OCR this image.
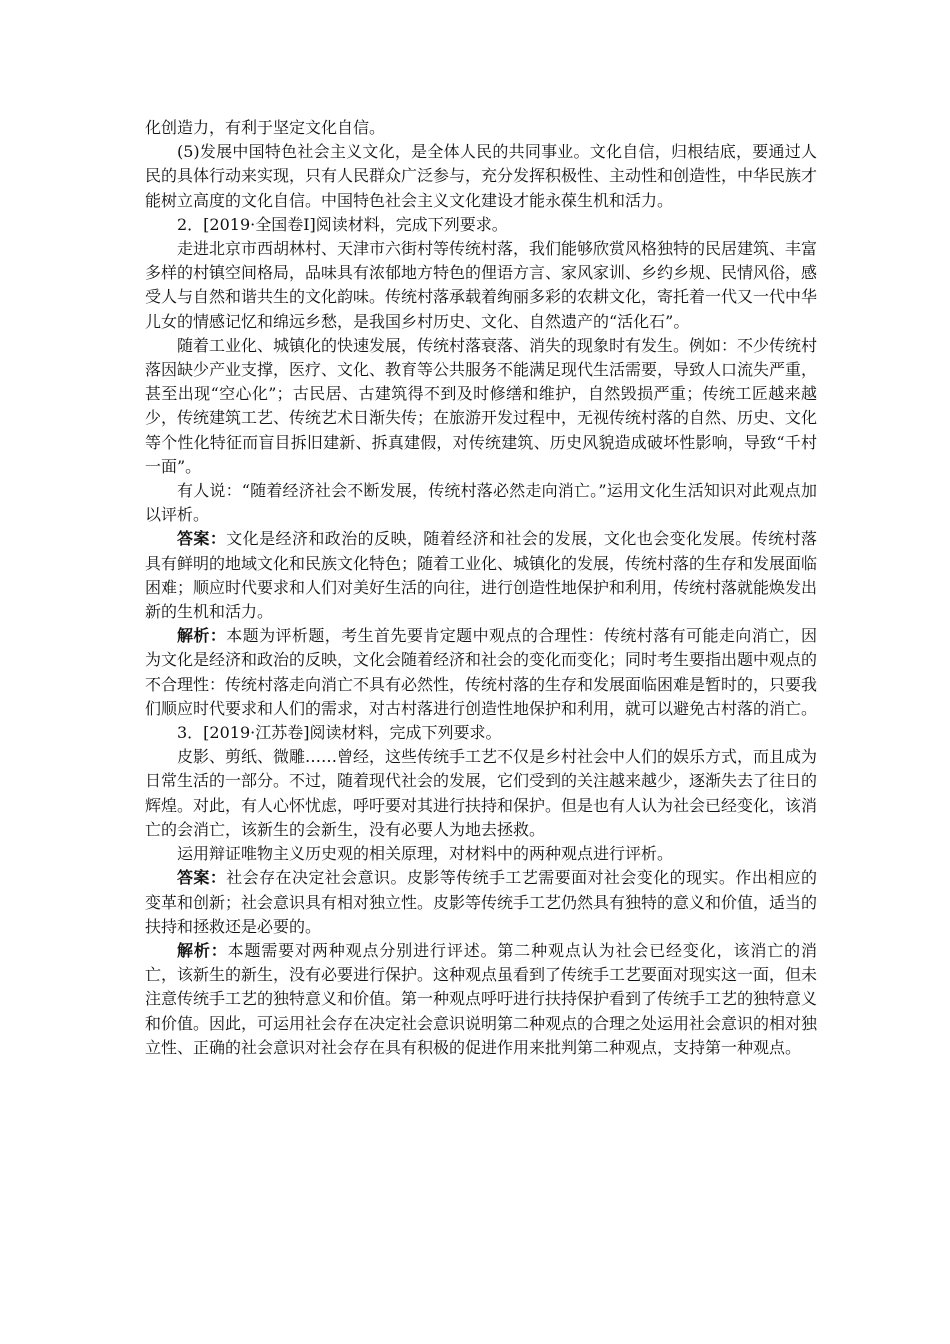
化创造力，有利于坚定文化自信。

(5)发展中国特色社会主义文化，是全体人民的共同事业。文化自信，归根结底，要通过人民的具体行动来实现，只有人民群众广泛参与，充分发挥积极性、主动性和创造性，中华民族才能树立高度的文化自信。中国特色社会主义文化建设才能永葆生机和活力。

2．[2019·全国卷Ⅰ]阅读材料，完成下列要求。

走进北京市西胡林村、天津市六街村等传统村落，我们能够欣赏风格独特的民居建筑、丰富多样的村镇空间格局，品味具有浓郁地方特色的俚语方言、家风家训、乡约乡规、民情风俗，感受人与自然和谐共生的文化韵味。传统村落承载着绚丽多彩的农耕文化，寄托着一代又一代中华儿女的情感记忆和绵远乡愁，是我国乡村历史、文化、自然遗产的“活化石”。

随着工业化、城镇化的快速发展，传统村落衰落、消失的现象时有发生。例如：不少传统村落因缺少产业支撑，医疗、文化、教育等公共服务不能满足现代生活需要，导致人口流失严重，甚至出现“空心化”；古民居、古建筑得不到及时修缮和维护，自然毁损严重；传统工匠越来越少，传统建筑工艺、传统艺术日渐失传；在旅游开发过程中，无视传统村落的自然、历史、文化等个性化特征而盲目拆旧建新、拆真建假，对传统建筑、历史风貌造成破坏性影响，导致“千村一面”。

有人说：“随着经济社会不断发展，传统村落必然走向消亡。”运用文化生活知识对此观点加以评析。

答案：文化是经济和政治的反映，随着经济和社会的发展，文化也会变化发展。传统村落具有鲜明的地域文化和民族文化特色；随着工业化、城镇化的发展，传统村落的生存和发展面临困难；顺应时代要求和人们对美好生活的向往，进行创造性地保护和利用，传统村落就能焕发出新的生机和活力。

解析：本题为评析题，考生首先要肯定题中观点的合理性：传统村落有可能走向消亡，因为文化是经济和政治的反映，文化会随着经济和社会的变化而变化；同时考生要指出题中观点的不合理性：传统村落走向消亡不具有必然性，传统村落的生存和发展面临困难是暂时的，只要我们顺应时代要求和人们的需求，对古村落进行创造性地保护和利用，就可以避免古村落的消亡。

3．[2019·江苏卷]阅读材料，完成下列要求。

皮影、剪纸、微雕……曾经，这些传统手工艺不仅是乡村社会中人们的娱乐方式，而且成为日常生活的一部分。不过，随着现代社会的发展，它们受到的关注越来越少，逐渐失去了往日的辉煌。对此，有人心怀忧虑，呼吁要对其进行扶持和保护。但是也有人认为社会已经变化，该消亡的会消亡，该新生的会新生，没有必要人为地去拯救。

运用辩证唯物主义历史观的相关原理，对材料中的两种观点进行评析。

答案：社会存在决定社会意识。皮影等传统手工艺需要面对社会变化的现实。作出相应的变革和创新；社会意识具有相对独立性。皮影等传统手工艺仍然具有独特的意义和价值，适当的扶持和拯救还是必要的。

解析：本题需要对两种观点分别进行评述。第二种观点认为社会已经变化，该消亡的消亡，该新生的新生，没有必要进行保护。这种观点虽看到了传统手工艺要面对现实这一面，但未注意传统手工艺的独特意义和价值。第一种观点呼吁进行扶持保护看到了传统手工艺的独特意义和价值。因此，可运用社会存在决定社会意识说明第二种观点的合理之处运用社会意识的相对独立性、正确的社会意识对社会存在具有积极的促进作用来批判第二种观点，支持第一种观点。
